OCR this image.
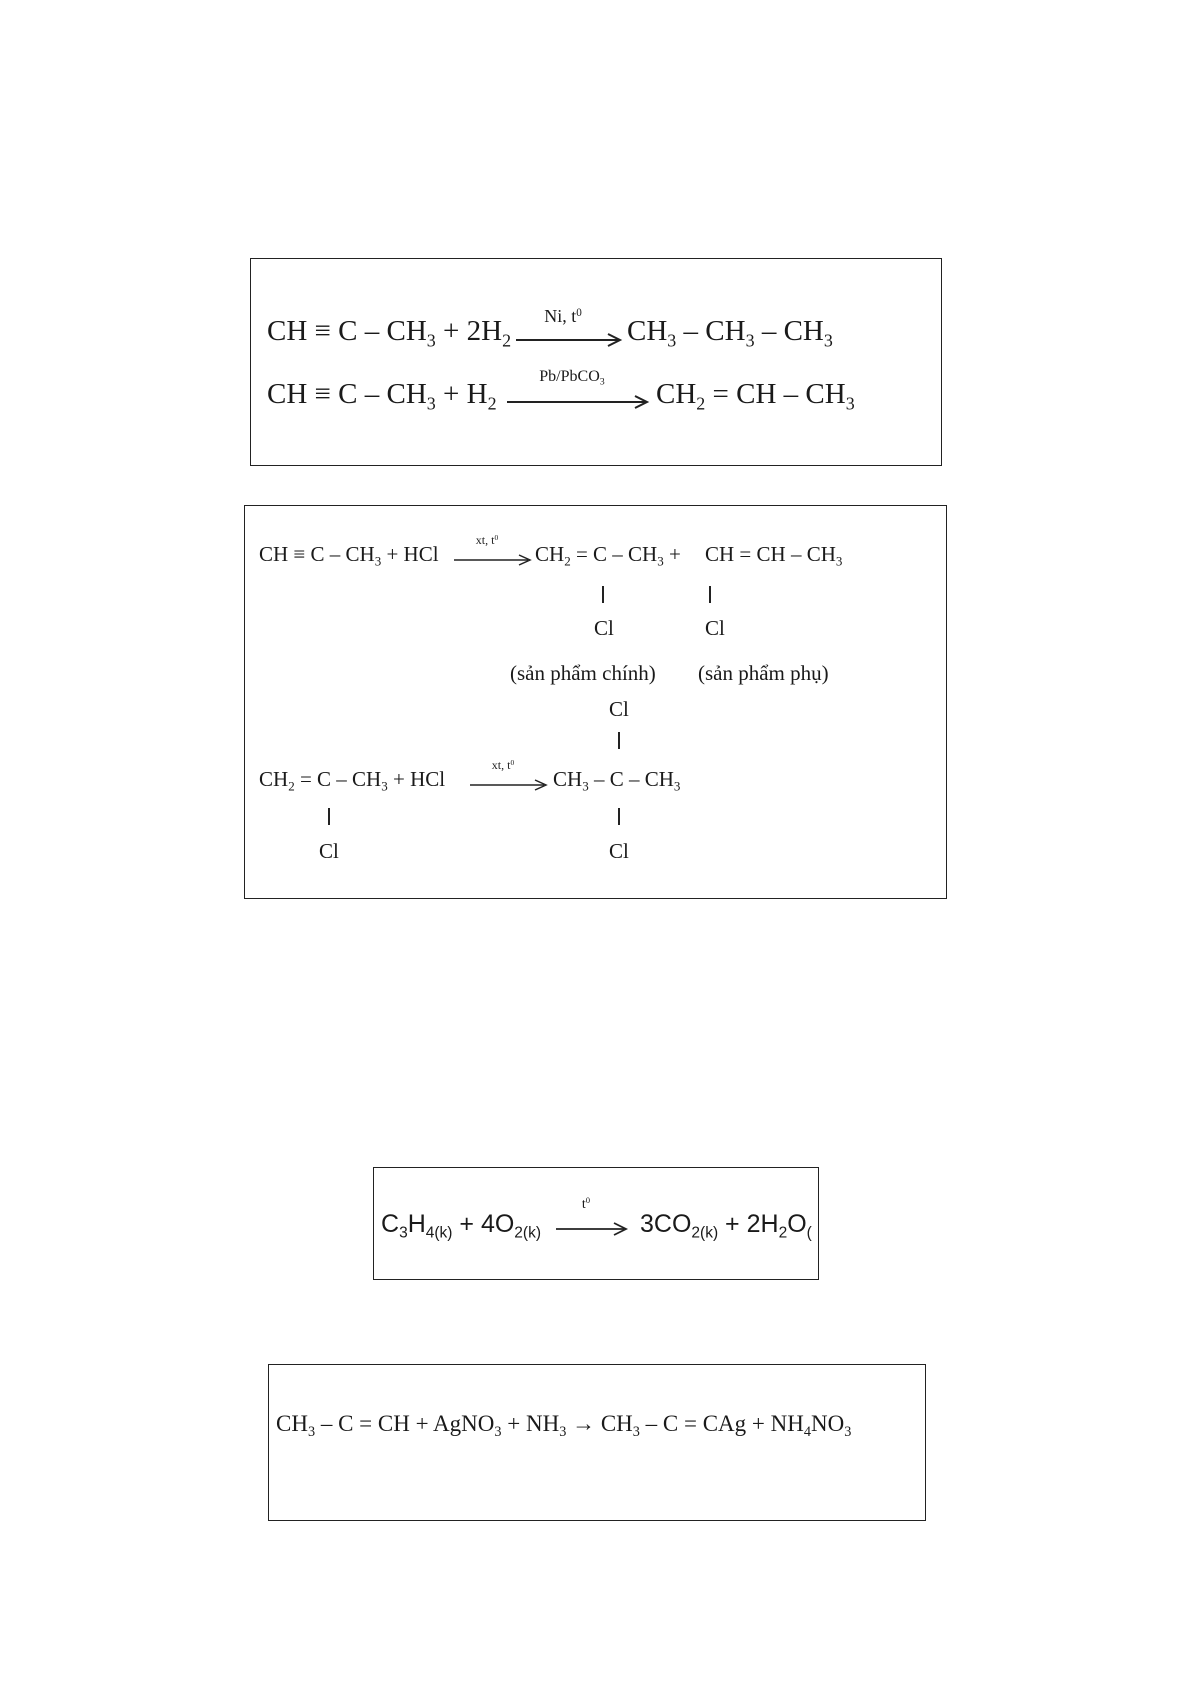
CH ≡ $C - CH_3 + 2H_2$
Ni, $t^0$
$CH_3 - CH_3 - CH_3$
CH ≡ $C - CH_3 + H_2$
Pb/PbCO$_3$	$CH_2$ = CH – $CH_3$
CH ≡ C – $CH_3$ + HCl
xt, $t^0$
$CH_2 = C - CH_3$ + CH = CH – $CH_3$
Cl	Cl
(sản phẩm chính) (sản phẩm phụ)
Cl
$CH_2 = C - CH_3$ + HCl
xt, $t^0$
$CH_3$ – C – $CH_3$
Cl	Cl
$C_3H_{4(k)} + 4O_{2(k)}$
$t^0$
$3CO_{2(k)} + 2H_2O_($
$CH_3$ – C = CH + AgNO$_3$ + $NH_3 \to CH_3 - C$ = CAg + $NH_4NO_3$
